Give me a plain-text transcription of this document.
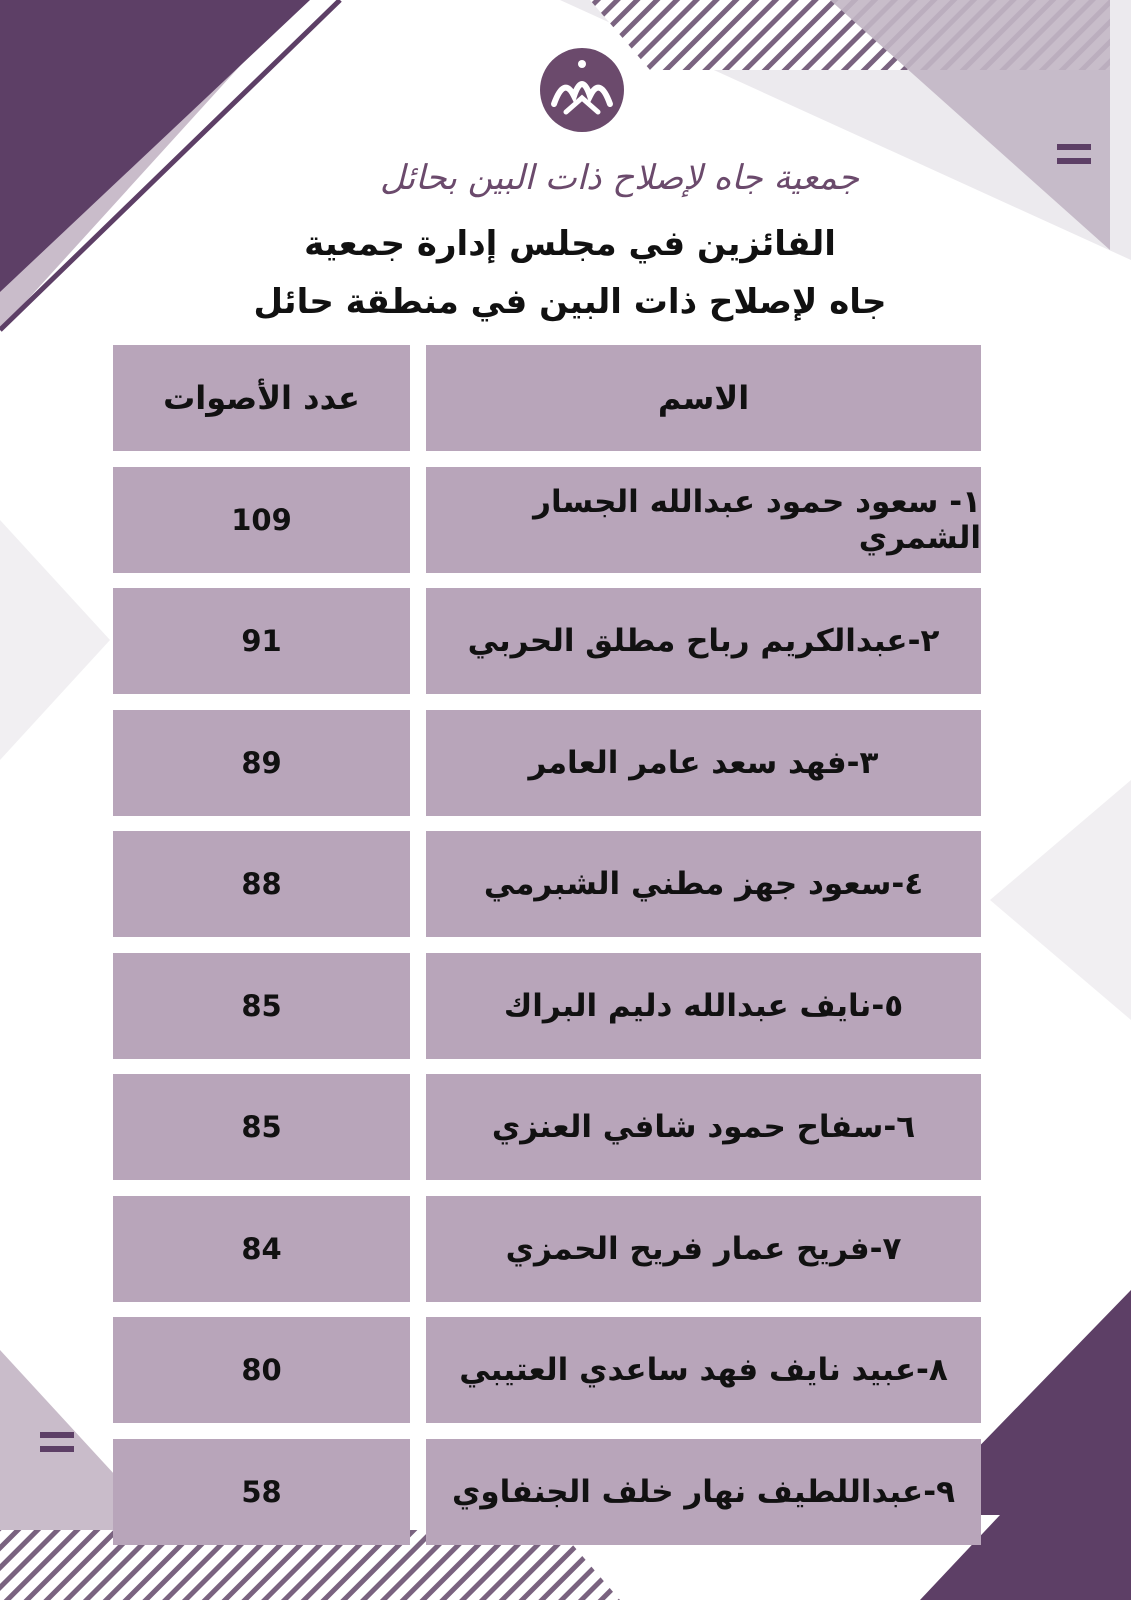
جمعية جاه لإصلاح ذات البين بحائل
الفائزين في مجلس إدارة جمعية
جاه لإصلاح ذات البين في منطقة حائل
الاسم
عدد الأصوات
١- سعود حمود عبدالله الجسار الشمري
109
٢-عبدالكريم رباح مطلق الحربي
91
٣-فهد سعد عامر العامر
89
٤-سعود جهز مطني الشبرمي
88
٥-نايف عبدالله دليم البراك
85
٦-سفاح حمود شافي العنزي
85
٧-فريح عمار فريح الحمزي
84
٨-عبيد نايف فهد ساعدي العتيبي
80
٩-عبداللطيف نهار خلف الجنفاوي
58
